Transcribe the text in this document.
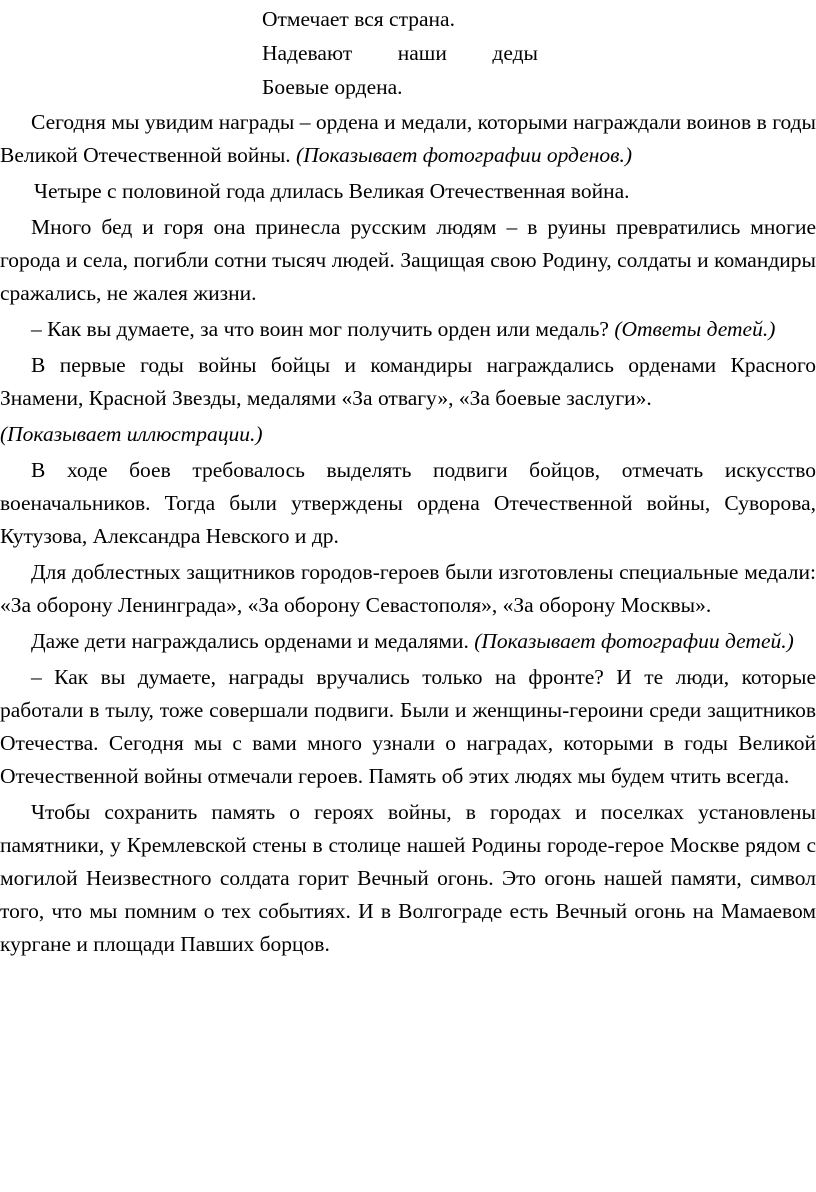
Отмечает вся страна.
Надевают наши деды
Боевые ордена.

Сегодня мы увидим награды – ордена и медали, которыми награждали воинов в годы Великой Отечественной войны. (Показывает фотографии орденов.)

Четыре с половиной года длилась Великая Отечественная война.

Много бед и горя она принесла русским людям – в руины превратились многие города и села, погибли сотни тысяч людей. Защищая свою Родину, солдаты и командиры сражались, не жалея жизни.

– Как вы думаете, за что воин мог получить орден или медаль? (Ответы детей.)

В первые годы войны бойцы и командиры награждались орденами Красного Знамени, Красной Звезды, медалями «За отвагу», «За боевые заслуги».

(Показывает иллюстрации.)

В ходе боев требовалось выделять подвиги бойцов, отмечать искусство военачальников. Тогда были утверждены ордена Отечественной войны, Суворова, Кутузова, Александра Невского и др.

Для доблестных защитников городов-героев были изготовлены специальные медали: «За оборону Ленинграда», «За оборону Севастополя», «За оборону Москвы».

Даже дети награждались орденами и медалями. (Показывает фотографии детей.)

– Как вы думаете, награды вручались только на фронте? И те люди, которые работали в тылу, тоже совершали подвиги. Были и женщины-героини среди защитников Отечества. Сегодня мы с вами много узнали о наградах, которыми в годы Великой Отечественной войны отмечали героев. Память об этих людях мы будем чтить всегда.

Чтобы сохранить память о героях войны, в городах и поселках установлены памятники, у Кремлевской стены в столице нашей Родины городе-герое Москве рядом с могилой Неизвестного солдата горит Вечный огонь. Это огонь нашей памяти, символ того, что мы помним о тех событиях. И в Волгограде есть Вечный огонь на Мамаевом кургане и площади Павших борцов.
